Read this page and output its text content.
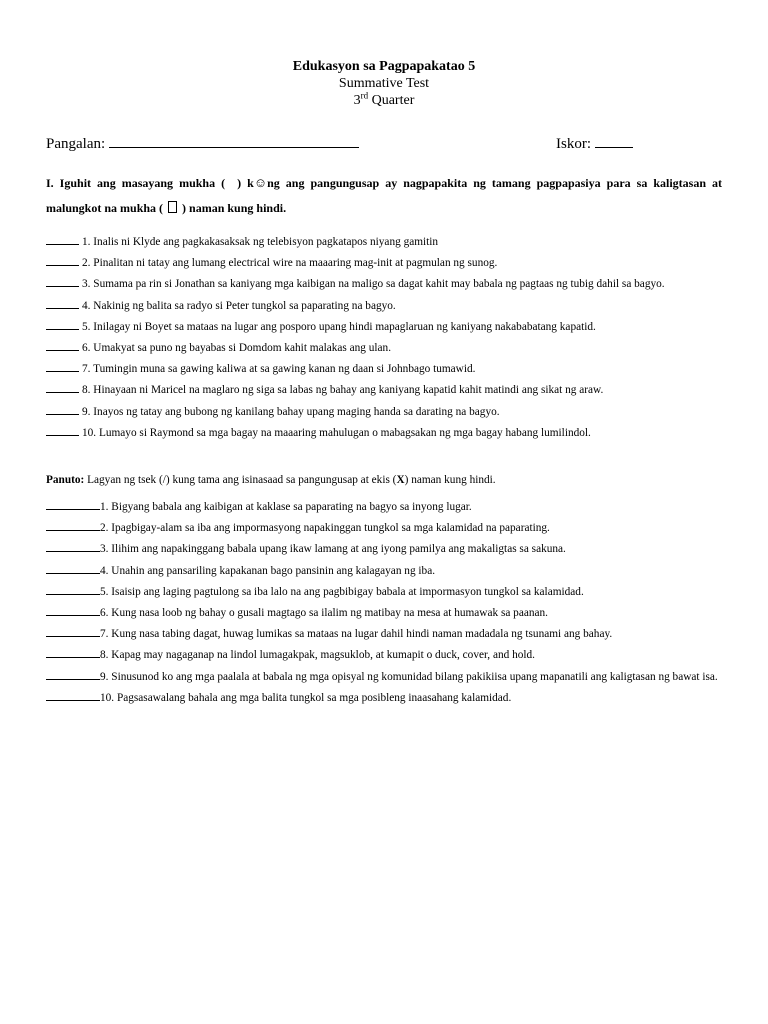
Edukasyon sa Pagpapakatao 5
Summative Test
3rd Quarter
Pangalan:	Iskor:
I. Iguhit ang masayang mukha ( ) k☺ng ang pangungusap ay nagpapakita ng tamang pagpapasiya para sa kaligtasan at malungkot na mukha ( ) naman kung hindi.
1. Inalis ni Klyde ang pagkakasaksak ng telebisyon pagkatapos niyang gamitin
2. Pinalitan ni tatay ang lumang electrical wire na maaaring mag-init at pagmulan ng sunog.
3. Sumama pa rin si Jonathan sa kaniyang mga kaibigan na maligo sa dagat kahit may babala ng pagtaas ng tubig dahil sa bagyo.
4. Nakinig ng balita sa radyo si Peter tungkol sa paparating na bagyo.
5. Inilagay ni Boyet sa mataas na lugar ang posporo upang hindi mapaglaruan ng kaniyang nakababatang kapatid.
6. Umakyat sa puno ng bayabas si Domdom kahit malakas ang ulan.
7. Tumingin muna sa gawing kaliwa at sa gawing kanan ng daan si Johnbago tumawid.
8. Hinayaan ni Maricel na maglaro ng siga sa labas ng bahay ang kaniyang kapatid kahit matindi ang sikat ng araw.
9. Inayos ng tatay ang bubong ng kanilang bahay upang maging handa sa darating na bagyo.
10. Lumayo si Raymond sa mga bagay na maaaring mahulugan o mabagsakan ng mga bagay habang lumilindol.
Panuto: Lagyan ng tsek (/) kung tama ang isinasaad sa pangungusap at ekis (X) naman kung hindi.
1. Bigyang babala ang kaibigan at kaklase sa paparating na bagyo sa inyong lugar.
2. Ipagbigay-alam sa iba ang impormasyong napakinggan tungkol sa mga kalamidad na paparating.
3. Ilihim ang napakinggang babala upang ikaw lamang at ang iyong pamilya ang makaligtas sa sakuna.
4. Unahin ang pansariling kapakanan bago pansinin ang kalagayan ng iba.
5. Isaisip ang laging pagtulong sa iba lalo na ang pagbibigay babala at impormasyon tungkol sa kalamidad.
6. Kung nasa loob ng bahay o gusali magtago sa ilalim ng matibay na mesa at humawak sa paanan.
7. Kung nasa tabing dagat, huwag lumikas sa mataas na lugar dahil hindi naman madadala ng tsunami ang bahay.
8. Kapag may nagaganap na lindol lumagakpak, magsuklob, at kumapit o duck, cover, and hold.
9. Sinusunod ko ang mga paalala at babala ng mga opisyal ng komunidad bilang pakikiisa upang mapanatili ang kaligtasan ng bawat isa.
10. Pagsasawalang bahala ang mga balita tungkol sa mga posibleng inaasahang kalamidad.
